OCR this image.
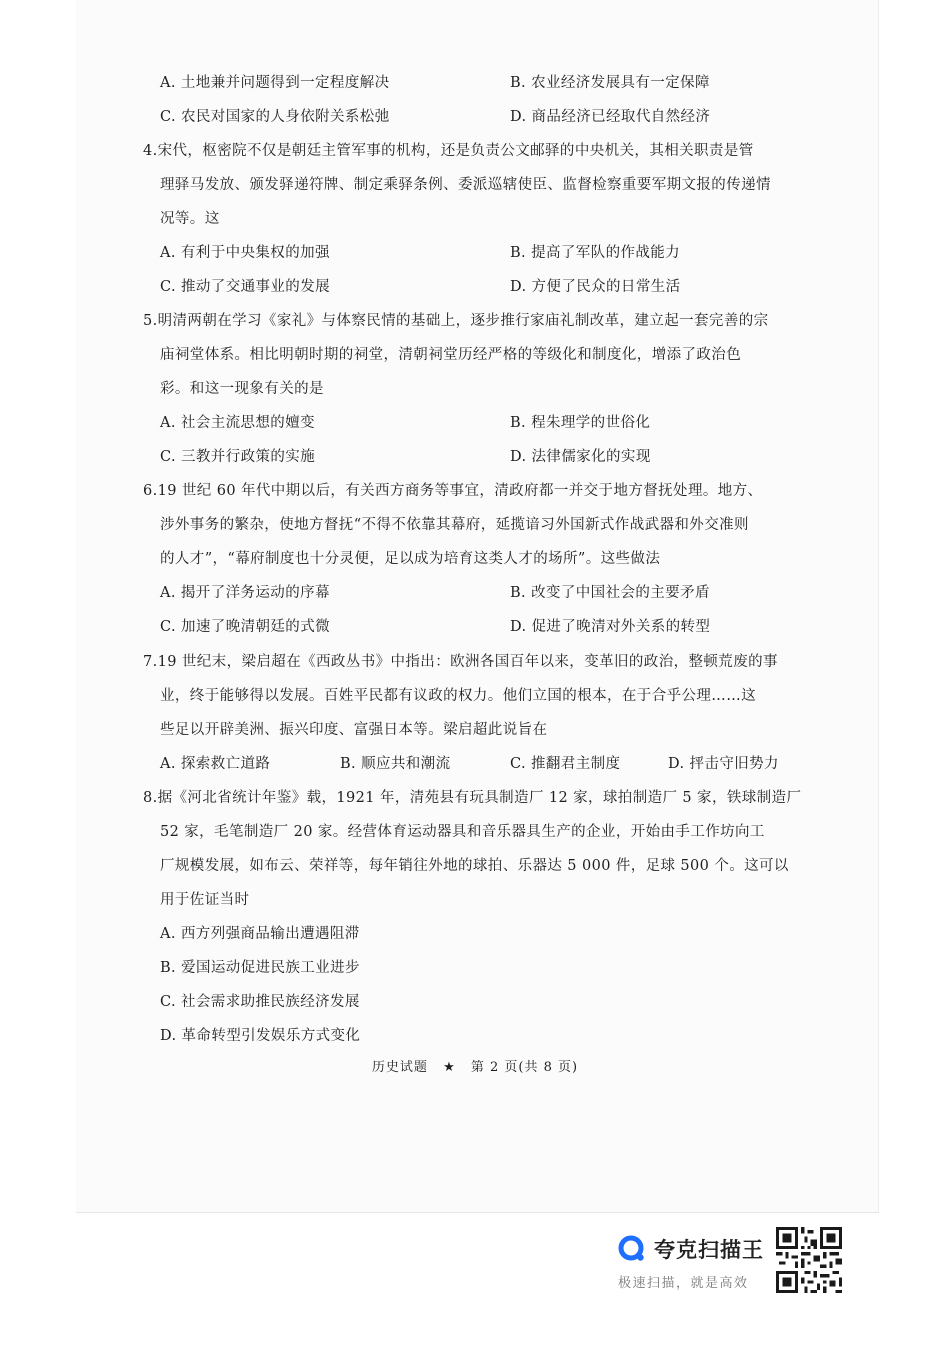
A. 土地兼并问题得到一定程度解决	B. 农业经济发展具有一定保障
C. 农民对国家的人身依附关系松弛	D. 商品经济已经取代自然经济
4.宋代，枢密院不仅是朝廷主管军事的机构，还是负责公文邮驿的中央机关，其相关职责是管
理驿马发放、颁发驿递符牌、制定乘驿条例、委派巡辖使臣、监督检察重要军期文报的传递情
况等。这
A. 有利于中央集权的加强	B. 提高了军队的作战能力
C. 推动了交通事业的发展	D. 方便了民众的日常生活
5.明清两朝在学习《家礼》与体察民情的基础上，逐步推行家庙礼制改革，建立起一套完善的宗
庙祠堂体系。相比明朝时期的祠堂，清朝祠堂历经严格的等级化和制度化，增添了政治色
彩。和这一现象有关的是
A. 社会主流思想的嬗变	B. 程朱理学的世俗化
C. 三教并行政策的实施	D. 法律儒家化的实现
6.19 世纪 60 年代中期以后，有关西方商务等事宜，清政府都一并交于地方督抚处理。地方、
涉外事务的繁杂，使地方督抚“不得不依靠其幕府，延揽谙习外国新式作战武器和外交准则
的人才”，“幕府制度也十分灵便，足以成为培育这类人才的场所”。这些做法
A. 揭开了洋务运动的序幕	B. 改变了中国社会的主要矛盾
C. 加速了晚清朝廷的式微	D. 促进了晚清对外关系的转型
7.19 世纪末，梁启超在《西政丛书》中指出：欧洲各国百年以来，变革旧的政治，整顿荒废的事
业，终于能够得以发展。百姓平民都有议政的权力。他们立国的根本，在于合乎公理……这
些足以开辟美洲、振兴印度、富强日本等。梁启超此说旨在
A. 探索救亡道路	B. 顺应共和潮流	C. 推翻君主制度	D. 抨击守旧势力
8.据《河北省统计年鉴》载，1921 年，清苑县有玩具制造厂 12 家，球拍制造厂 5 家，铁球制造厂
52 家，毛笔制造厂 20 家。经营体育运动器具和音乐器具生产的企业，开始由手工作坊向工
厂规模发展，如布云、荣祥等，每年销往外地的球拍、乐器达 5 000 件，足球 500 个。这可以
用于佐证当时
A. 西方列强商品输出遭遇阻滞
B. 爱国运动促进民族工业进步
C. 社会需求助推民族经济发展
D. 革命转型引发娱乐方式变化
历史试题 ★ 第 2 页(共 8 页)
夸克扫描王
极速扫描，就是高效
